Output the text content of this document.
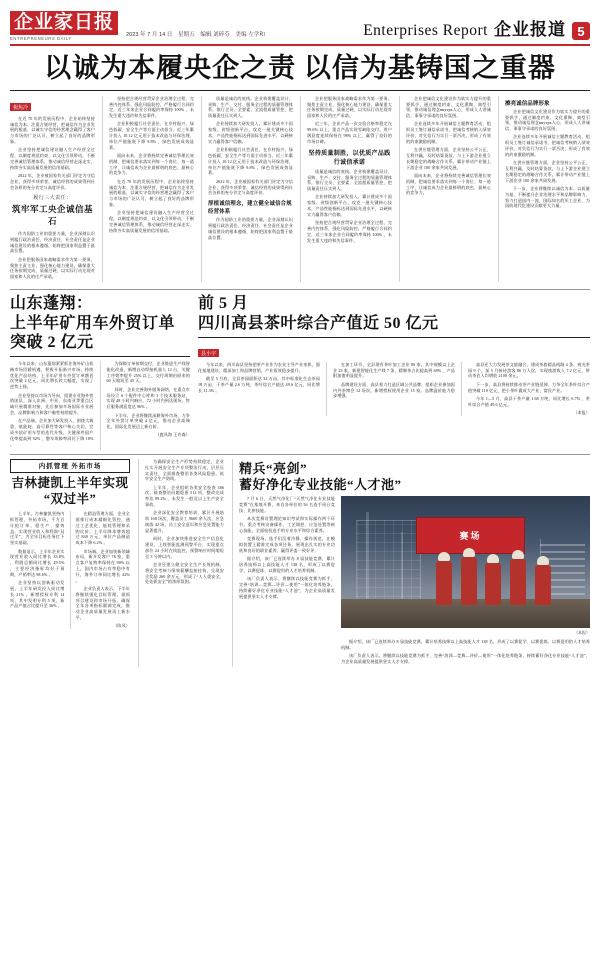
企业家日报
ENTREPRENEURS DAILY
2023 年 7 月 14 日　星期五　编辑 刘碎芬　美编 左学和	Enterprises Report 企业报道 5
以诚为本履央企之责 以信为基铸国之重器
楊焦冷

在近 70 年的发展历程中，企业始终坚持诚信为本、注重合规经营，把诚信作为企业发展的根基，以诚实守信的经营理念赢得了客户与市场的广泛认可，树立起了良好的品牌形象。

企业坚持把诚信建设融入生产经营全过程，以制度规范约束、以文化引领带动，不断完善诚信管理体系，推动诚信经营走深走实，持续夯实高质量发展的信用基础。

2022 年，企业被国家有关部门评定为守信企业，获得多项荣誉，诚信经营的成果得到社会各界的充分肯定与高度评价。

履行三大责任：
筑牢军工央企诚信基石

作为国防工业的重要力量，企业深刻认识到履行政治责任、经济责任、社会责任是企业诚信建设的根本遵循，始终把国家利益置于最高位置。

企业把服务国家战略需求作为第一要务，聚焦主责主业，强化核心能力建设，确保重大任务按期完成、质量过硬，以实际行动兑现对国家和人民的庄严承诺。

坚持把合规经营贯穿企业治理全过程，完善内控体系，强化风险防控，严格履行合同约定，近三年来企业合同履约率保持 100% ，未发生重大违约和失信事件。

企业积极履行社会责任，在乡村振兴、绿色低碳、安全生产等方面主动担当，近三年累计投入 10.12 亿元用于技术改造与环保治理，单位产值能耗下降 9.8% ，绿色发展成效显著。

面向未来，企业将持续完善诚信管理长效机制，把诚信要求落实到每一个岗位、每一道工序，让诚信成为企业最鲜明的底色、最核心的竞争力。

在近 70 年的发展历程中，企业始终坚持诚信为本、注重合规经营，把诚信作为企业发展的根基，以诚实守信的经营理念赢得了客户与市场的广泛认可，树立起了良好的品牌形象。

企业坚持把诚信建设融入生产经营全过程，以制度规范约束、以文化引领带动，不断完善诚信管理体系，推动诚信经营走深走实，持续夯实高质量发展的信用基础。

质量是诚信的底线。企业构建覆盖设计、采购、生产、交付、服务全过程的质量管理体系，推行全员、全要素、全流程质量管控，把质量责任压实到人。

企业持续加大研发投入，累计建成多个国家级、省级创新平台，攻克一批关键核心技术，产品性能指标达到国际先进水平，以硬核实力赢得客户信赖。

企业积极履行社会责任，在乡村振兴、绿色低碳、安全生产等方面主动担当，近三年累计投入 10.12 亿元用于技术改造与环保治理，单位产值能耗下降 9.8% ，绿色发展成效显著。

2022 年，企业被国家有关部门评定为守信企业，获得多项荣誉，诚信经营的成果得到社会各界的充分肯定与高度评价。

厚植诚信理念，建立健全诚信合规经营体系

作为国防工业的重要力量，企业深刻认识到履行政治责任、经济责任、社会责任是企业诚信建设的根本遵循，始终把国家利益置于最高位置。

企业把服务国家战略需求作为第一要务，聚焦主责主业，强化核心能力建设，确保重大任务按期完成、质量过硬，以实际行动兑现对国家和人民的庄严承诺。

近三年，企业产品一次交验合格率稳定在 99.6% 以上，重点产品实现零缺陷交付，用户满意度连续保持在 98% 以上，赢得了良好的市场口碑。

坚持质量制胜，以优质产品践行诚信承诺

质量是诚信的底线。企业构建覆盖设计、采购、生产、交付、服务全过程的质量管理体系，推行全员、全要素、全流程质量管控，把质量责任压实到人。

企业持续加大研发投入，累计建成多个国家级、省级创新平台，攻克一批关键核心技术，产品性能指标达到国际先进水平，以硬核实力赢得客户信赖。

坚持把合规经营贯穿企业治理全过程，完善内控体系，强化风险防控，严格履行合同约定，近三年来企业合同履约率保持 100% ，未发生重大违约和失信事件。

企业把诚信文化建设作为软实力提升的重要抓手，通过制度约束、文化熏陶、典型引领，推动诚信理念внутрь人心，形成人人讲诚信、事事守承诺的良好氛围。

企业连续多年开展诚信主题教育活动，组织员工签订诚信承诺书，把诚信考核纳入绩效评价，对失信行为实行一票否决，形成了有效的约束激励机制。

在供应链管理方面，企业坚持公平公正、互利共赢，及时结算货款，与上下游企业建立长期稳定的战略合作关系，累计带动产业链上下游企业 100 余家共同发展。

面向未来，企业将持续完善诚信管理长效机制，把诚信要求落实到每一个岗位、每一道工序，让诚信成为企业最鲜明的底色、最核心的竞争力。

擦亮诚信品牌形象

企业把诚信文化建设作为软实力提升的重要抓手，通过制度约束、文化熏陶、典型引领，推动诚信理念внутрь人心，形成人人讲诚信、事事守承诺的良好氛围。

企业连续多年开展诚信主题教育活动，组织员工签订诚信承诺书，把诚信考核纳入绩效评价，对失信行为实行一票否决，形成了有效的约束激励机制。

在供应链管理方面，企业坚持公平公正、互利共赢，及时结算货款，与上下游企业建立长期稳定的战略合作关系，累计带动产业链上下游企业 100 余家共同发展。

下一步，企业将继续以诚信为本、以质量为基，不断提升企业治理水平和品牌影响力，努力打造国内一流、国际知名的军工企业，为国防现代化建设贡献更大力量。

山东蓬翔：
上半年矿用车外贸订单
突破 2 亿元

今年以来，山东蓬翔紧紧抓住海外矿山机械市场回暖机遇，积极开拓新兴市场，持续优化产品结构，上半年矿用车外贸订单额首次突破 2 亿元，同比增长较大幅度，实现了逆势上扬。

企业坚持以市场为导向，组建专业海外营销团队，深入非洲、中亚、东南亚等重点区域开展精准对接，先后参加多场国际专业展会，品牌影响力和客户黏性持续提升。

在产品端，企业加大研发投入，围绕大载重、低能耗、高可靠性等客户核心关切，完成多款矿用车型的迭代升级，关键部件国产化率提高到 92% ，整车故障率同比下降 18% 。

为保障订单按期交付，企业推进生产线智能化改造，新增自动焊接机器人 12 台，关键工序效率提升 25% 以上，交付周期由原来的 60 天缩短至 45 天。

同时，企业完善海外服务网络，在重点市场设立 6 个配件中心库和 3 个技术服务站，实现 48 小时内响应、72 小时内到达现场，售后服务满意度达 96% 。

下半年，企业将继续深耕海外市场，力争全年外贸订单突破 4 亿元，推动企业高端化、国际化发展迈上新台阶。

（鹿凤海 王许森）
前 5 月
四川高县茶叶综合产值近 50 亿元
县小宇

今年以来，四川高县坚持把茶产业作为农业主导产业来抓，强化基地建设、精深加工和品牌营销，产业质效稳步提升。

截至 5 月底，全县茶园面积达 32 万亩，其中标准化生态茶园 18 万亩，干茶产量 2.6 万吨，茶叶综合产值达 49.6 亿元，同比增长 11.3% 。

在加工环节，全县现有茶叶加工企业 86 家，其中规模以上企业 23 家，新建智能化生产线 7 条，精制茶占比提高到 68% ，产品附加值明显提升。

品牌建设方面，高县着力打造区域公共品牌，组织企业参加国内外茶博会 12 场次，新增授权使用企业 15 家，品牌溢价能力稳步增强。

高县还大力发展茶文旅融合，建成茶旅精品线路 4 条、观光茶园 9 个，前 5 月接待游客 86 万人次，实现旅游收入 7.2 亿元，带动茶农人均增收 2100 余元。

下一步，高县将持续推动茶产业链延伸，力争全年茶叶综合产值突破 110 亿元，把小茶叶做成大产业、富民产业。

今年 1—5 月，高县干茶产量 1.68 万吨，同比增长 6.7% ，茶叶综合产值 49.6 亿元。

（本报）
内抓管理 外拓市场
吉林捷凯上半年实现
“双过半”

上半年，吉林捷凯坚持内抓管理、外拓市场，千方百计抢订单、稳生产、提效益，实现营业收入和利润“双过半”，为全年目标任务打下坚实基础。

数据显示，上半年企业实现营业收入同比增长 33.8% ，利润总额同比增长 29.5% ，主要经济指标均好于预期，产销率达 98.6% 。

企业坚持以创新驱动发展，上半年研发投入同比增长 21% ，新增授权专利 14 项，其中发明专利 5 项，新产品产值占比提升至 36% 。

在精益管理方面，企业全面推行成本精细化管控，通过工艺优化、能耗管理和采购比价，上半年降本增效超过 840 万元，单位产品制造成本下降 6.2% 。

市场端，企业加快新领域布局，新开发客户 76 家，重点客户复购率保持在 90% 以上，国内市场占有率稳中有升，海外订单同比增长 42% 。

企业负责人表示，下半年将继续强化目标管理，狠抓项目建设和市场开拓，确保全年各项指标圆满完成，推动企业高质量发展再上新水平。

（陈凤）

为确保安全生产形势持续稳定，企业扎实开展安全生产专项整治行动，层层压实责任，全面排查整治各类风险隐患，筑牢安全生产防线。

上半年，企业组织各类安全检查 386 次，排查整治问题隐患 512 项，整改完成率达 99.2% ，未发生一般及以上生产安全事故。

企业深化安全教育培训，累计开展培训 168 场次，覆盖员工 9600 余人次，应急演练 42 场，员工安全意识和应急处置能力显著提升。

同时，企业加快推进安全生产信息化建设，上线智能监测预警平台，实现重点部位 24 小时在线监控，预警响应时间缩短至 3 分钟以内。

企业还建立健全安全生产长效机制，将安全考核与绩效薪酬直接挂钩，兑现安全奖励 260 余万元，形成了“人人重安全、处处抓安全”的浓厚氛围。

精兵“亮剑”
蓄好净化专业技能“人才池”

7 月 6 日，天然气净化厂“天然气净化专业技能竞赛”在基地开赛，来自各单位的 56 名选手同台竞技、比拼技能。

本次竞赛设置理论知识考试和实际操作两个环节，重点考核设备操作、工艺调控、应急处置等核心技能，全面检验选手的专业水平和综合素养。

竞赛现场，选手们沉着冷静、操作规范，在模拟装置上精准完成各项任务，展现出扎实的专业功底和良好的职业素养，赢得评委一致好评。

据介绍，该厂已连续举办 8 届技能竞赛，累计培养技师以上高技能人才 138 名，形成了以赛促学、以赛促练、以赛促用的人才培养机制。

该厂负责人表示，将继续以技能竞赛为抓手，完善“培训—竞赛—评价—使用”一体化培养链条，持续蓄好净化专业技能“人才池”，为企业高质量发展提供坚实人才支撑。

赛场
（本报）

据介绍，该厂已连续举办 8 届技能竞赛，累计培养技师以上高技能人才 138 名，形成了以赛促学、以赛促练、以赛促用的人才培养机制。

该厂负责人表示，将继续以技能竞赛为抓手，完善“培训—竞赛—评价—使用”一体化培养链条，持续蓄好净化专业技能“人才池”，为企业高质量发展提供坚实人才支撑。
